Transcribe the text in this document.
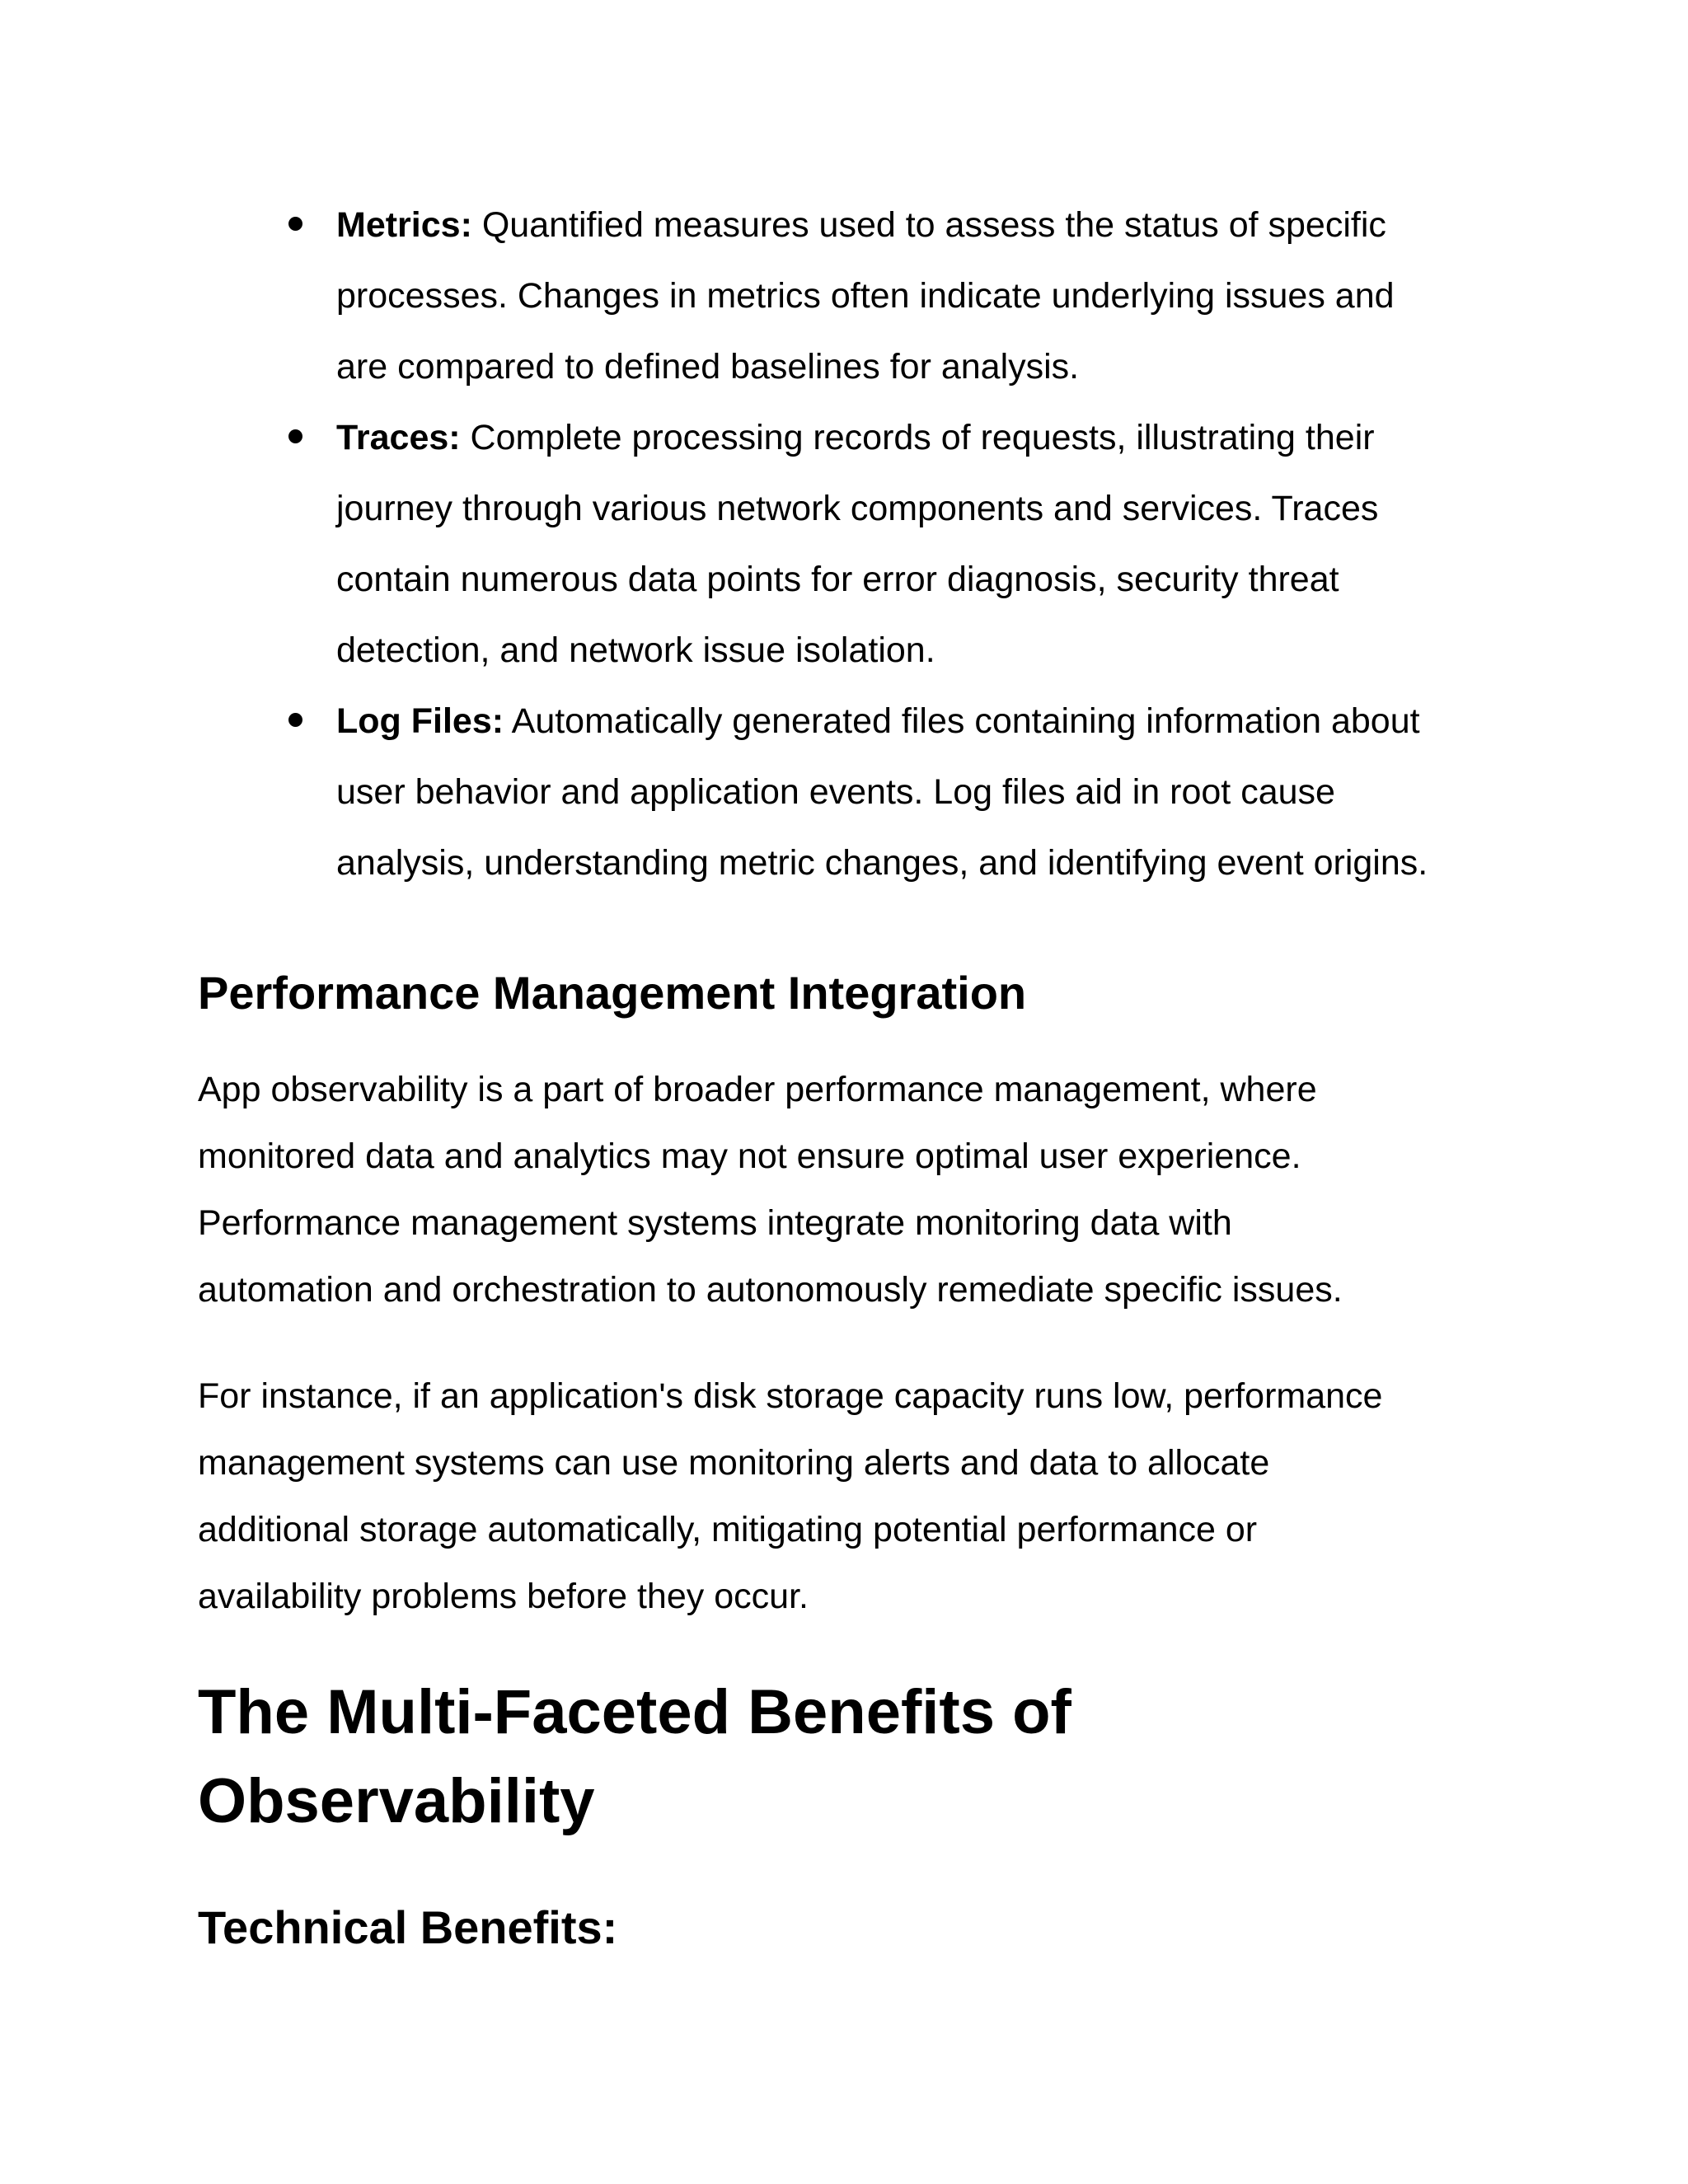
Metrics: Quantified measures used to assess the status of specific
processes. Changes in metrics often indicate underlying issues and
are compared to defined baselines for analysis.
Traces: Complete processing records of requests, illustrating their
journey through various network components and services. Traces
contain numerous data points for error diagnosis, security threat
detection, and network issue isolation.
Log Files: Automatically generated files containing information about
user behavior and application events. Log files aid in root cause
analysis, understanding metric changes, and identifying event origins.
Performance Management Integration

App observability is a part of broader performance management, where
monitored data and analytics may not ensure optimal user experience.
Performance management systems integrate monitoring data with
automation and orchestration to autonomously remediate specific issues.

For instance, if an application's disk storage capacity runs low, performance
management systems can use monitoring alerts and data to allocate
additional storage automatically, mitigating potential performance or
availability problems before they occur.

The Multi-Faceted Benefits of
Observability
Technical Benefits:
